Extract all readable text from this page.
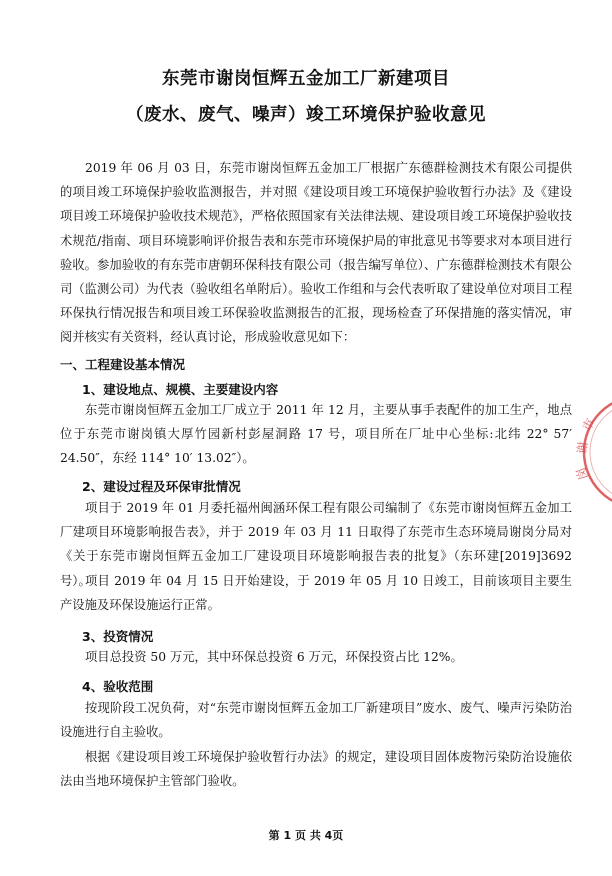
东莞市谢岗恒辉五金加工厂新建项目
（废水、废气、噪声）竣工环境保护验收意见
2019 年 06 月 03 日，东莞市谢岗恒辉五金加工厂根据广东德群检测技术有限公司提供的项目竣工环境保护验收监测报告，并对照《建设项目竣工环境保护验收暂行办法》及《建设项目竣工环境保护验收技术规范》，严格依照国家有关法律法规、建设项目竣工环境保护验收技术规范/指南、项目环境影响评价报告表和东莞市环境保护局的审批意见书等要求对本项目进行验收。参加验收的有东莞市唐朝环保科技有限公司（报告编写单位）、广东德群检测技术有限公司（监测公司）为代表（验收组名单附后）。验收工作组和与会代表听取了建设单位对项目工程环保执行情况报告和项目竣工环保验收监测报告的汇报，现场检查了环保措施的落实情况，审阅并核实有关资料，经认真讨论，形成验收意见如下：
一、工程建设基本情况
1、建设地点、规模、主要建设内容
东莞市谢岗恒辉五金加工厂成立于 2011 年 12 月，主要从事手表配件的加工生产，地点位于东莞市谢岗镇大厚竹园新村彭屋洞路 17 号，项目所在厂址中心坐标:北纬 22° 57′ 24.50″，东经 114° 10′ 13.02″）。
2、建设过程及环保审批情况
项目于 2019 年 01 月委托福州闽涵环保工程有限公司编制了《东莞市谢岗恒辉五金加工厂建项目环境影响报告表》，并于 2019 年 03 月 11 日取得了东莞市生态环境局谢岗分局对《关于东莞市谢岗恒辉五金加工厂建设项目环境影响报告表的批复》（东环建[2019]3692 号）。
项目 2019 年 04 月 15 日开始建设，于 2019 年 05 月 10 日竣工，目前该项目主要生产设施及环保设施运行正常。
3、投资情况
项目总投资 50 万元，其中环保总投资 6 万元，环保投资占比 12%。
4、验收范围
按现阶段工况负荷，对“东莞市谢岗恒辉五金加工厂新建项目”废水、废气、噪声污染防治设施进行自主验收。
根据《建设项目竣工环境保护验收暂行办法》的规定，建设项目固体废物污染防治设施依法由当地环境保护主管部门验收。
第 1 页 共 4页
市
谢
岗
